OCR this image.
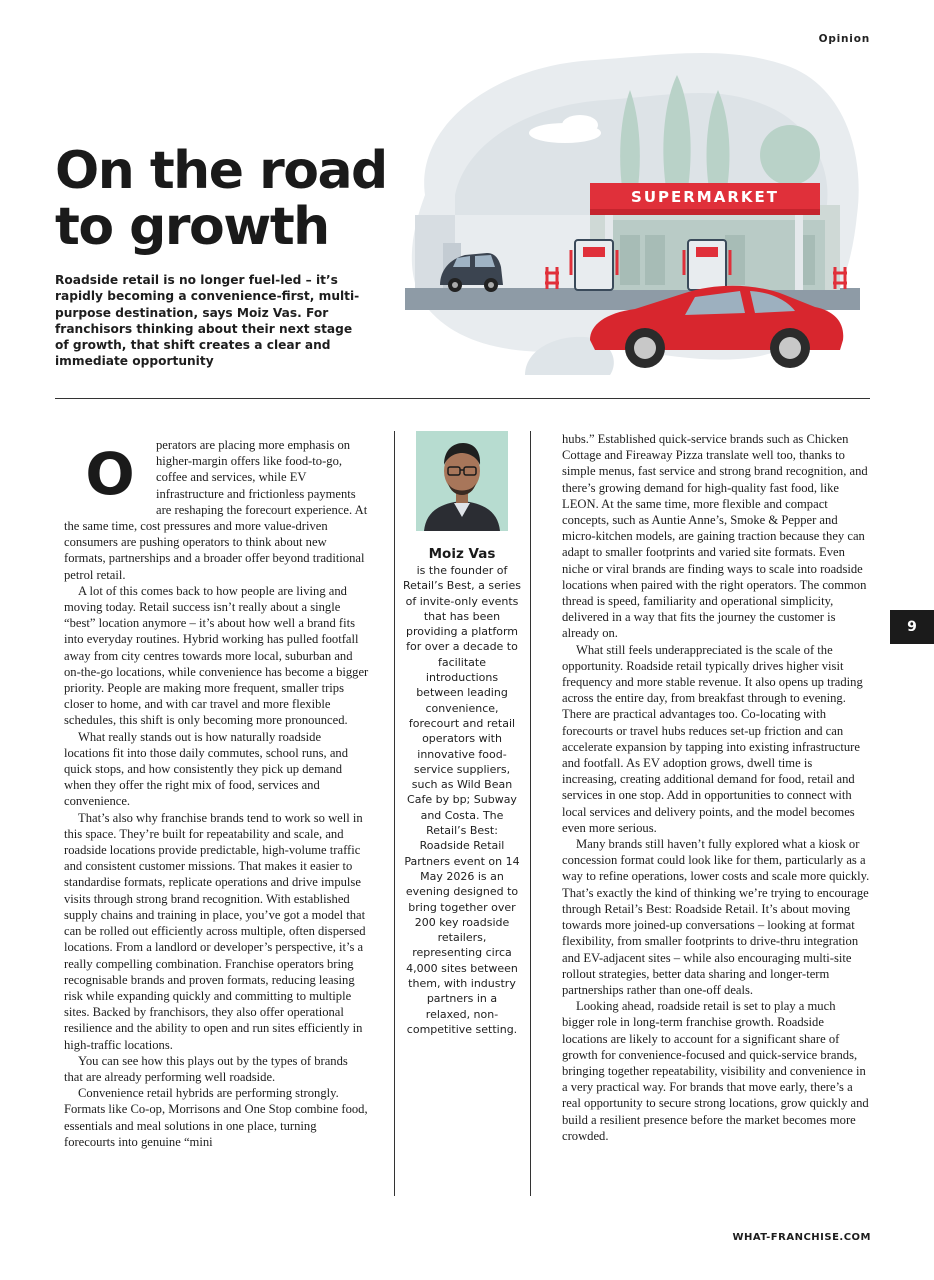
Opinion
On the road to growth

Roadside retail is no longer fuel-led – it’s rapidly becoming a convenience-first, multi-purpose destination, says Moiz Vas. For franchisors thinking about their next stage of growth, that shift creates a clear and immediate opportunity

SUPERMARKET
O	perators are placing more emphasis on higher-margin offers like food-to-go, coffee and services, while EV infrastructure and frictionless payments are reshaping the forecourt experience. At the same time, cost pressures and more value-driven consumers are pushing operators to think about new formats, partnerships and a broader offer beyond traditional petrol retail.

A lot of this comes back to how people are living and moving today. Retail success isn’t really about a single “best” location anymore – it’s about how well a brand fits into everyday routines. Hybrid working has pulled footfall away from city centres towards more local, suburban and on-the-go locations, while convenience has become a bigger priority. People are making more frequent, smaller trips closer to home, and with car travel and more flexible schedules, this shift is only becoming more pronounced.

What really stands out is how naturally roadside locations fit into those daily commutes, school runs, and quick stops, and how consistently they pick up demand when they offer the right mix of food, services and convenience.

That’s also why franchise brands tend to work so well in this space. They’re built for repeatability and scale, and roadside locations provide predictable, high-volume traffic and consistent customer missions. That makes it easier to standardise formats, replicate operations and drive impulse visits through strong brand recognition. With established supply chains and training in place, you’ve got a model that can be rolled out efficiently across multiple, often dispersed locations. From a landlord or developer’s perspective, it’s a really compelling combination. Franchise operators bring recognisable brands and proven formats, reducing leasing risk while expanding quickly and committing to multiple sites. Backed by franchisors, they also offer operational resilience and the ability to open and run sites efficiently in high-traffic locations.

You can see how this plays out by the types of brands that are already performing well roadside.

Convenience retail hybrids are performing strongly. Formats like Co-op, Morrisons and One Stop combine food, essentials and meal solutions in one place, turning forecourts into genuine “mini

Moiz Vas
is the founder of Retail’s Best, a series of invite-only events that has been providing a platform for over a decade to facilitate introductions between leading convenience, forecourt and retail operators with innovative food-service suppliers, such as Wild Bean Cafe by bp; Subway and Costa. The Retail’s Best: Roadside Retail Partners event on 14 May 2026 is an evening designed to bring together over 200 key roadside retailers, representing circa 4,000 sites between them, with industry partners in a relaxed, non-competitive setting.

hubs.” Established quick-service brands such as Chicken Cottage and Fireaway Pizza translate well too, thanks to simple menus, fast service and strong brand recognition, and there’s growing demand for high-quality fast food, like LEON. At the same time, more flexible and compact concepts, such as Auntie Anne’s, Smoke & Pepper and micro-kitchen models, are gaining traction because they can adapt to smaller footprints and varied site formats. Even niche or viral brands are finding ways to scale into roadside locations when paired with the right operators. The common thread is speed, familiarity and operational simplicity, delivered in a way that fits the journey the customer is already on.

What still feels underappreciated is the scale of the opportunity. Roadside retail typically drives higher visit frequency and more stable revenue. It also opens up trading across the entire day, from breakfast through to evening. There are practical advantages too. Co-locating with forecourts or travel hubs reduces set-up friction and can accelerate expansion by tapping into existing infrastructure and footfall. As EV adoption grows, dwell time is increasing, creating additional demand for food, retail and services in one stop. Add in opportunities to connect with local services and delivery points, and the model becomes even more serious.

Many brands still haven’t fully explored what a kiosk or concession format could look like for them, particularly as a way to refine operations, lower costs and scale more quickly. That’s exactly the kind of thinking we’re trying to encourage through Retail’s Best: Roadside Retail. It’s about moving towards more joined-up conversations – looking at format flexibility, from smaller footprints to drive-thru integration and EV-adjacent sites – while also encouraging multi-site rollout strategies, better data sharing and longer-term partnerships rather than one-off deals.

Looking ahead, roadside retail is set to play a much bigger role in long-term franchise growth. Roadside locations are likely to account for a significant share of growth for convenience-focused and quick-service brands, bringing together repeatability, visibility and convenience in a very practical way. For brands that move early, there’s a real opportunity to secure strong locations, grow quickly and build a resilient presence before the market becomes more crowded.

9
WHAT-FRANCHISE.COM
